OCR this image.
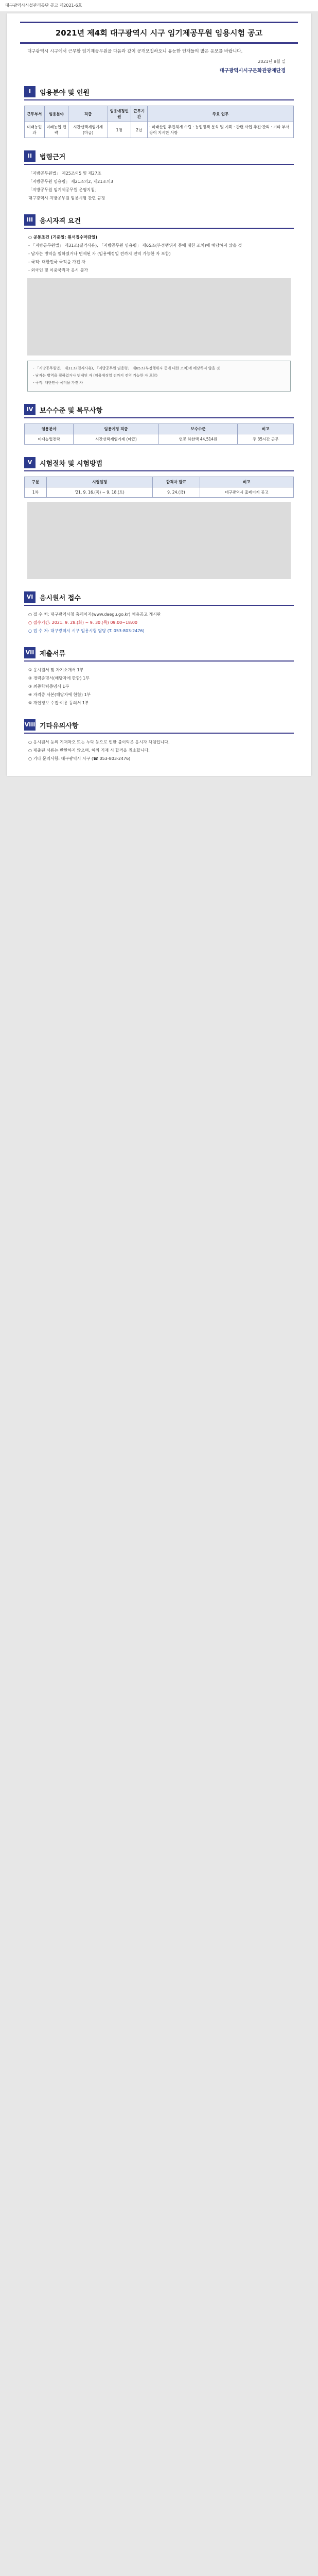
대구광역시시설관리공단 공고 제2021-6호
2021년 제4회 대구광역시 시구 임기제공무원 임용시험 공고
대구광역시 시구에서 근무할 임기제공무원을 다음과 같이 공개모집하오니 유능한 인재들의 많은 응모를 바랍니다.
2021년 8월 일
대구광역시시구문화관광재단경
I	임용분야 및 인원
근무부서	임용분야	직급	임용예정인원	근무기간	주요 업무
미래농업과	미래농업 전략	시간선택제임기제 (마급)	1명	2년	· 미래산업 추진체계 수립 · 농업정책 분석 및 기획 · 관련 사업 추진·관리 · 기타 부서장이 지시한 사항
II	법령근거
「지방공무원법」 제25조의5 및 제27조
「지방공무원 임용령」 제21조의2, 제21조의3
「지방공무원 임기제공무원 운영지침」
대구광역시 지방공무원 임용시험 관련 규정
III 응시자격 요건
○ 공통조건 (기준일: 원서접수마감일)
- 「지방공무원법」 제31조(결격사유), 「지방공무원 임용령」 제65조(부정행위자 등에 대한 조치)에 해당하지 않을 것
- 남자는 병역을 필하였거나 면제된 자 (임용예정일 전까지 전역 가능한 자 포함)
- 국적: 대한민국 국적을 가진 자
- 외국인 및 이중국적자 응시 불가
- 「지방공무원법」 제31조(결격사유), 「지방공무원 임용령」 제65조(부정행위자 등에 대한 조치)에 해당하지 않을 것
- 남자는 병역을 필하였거나 면제된 자 (임용예정일 전까지 전역 가능한 자 포함)
- 국적: 대한민국 국적을 가진 자
IV 보수수준 및 복무사항
임용분야	임용예정 직급	보수수준	비고
미래농업전략	시간선택제임기제 (마급)	연봉 하한액 44,514원	주 35시간 근무
V	시험절차 및 시험방법
구분	시험일정	합격자 발표	비고
1차	'21. 9. 16.(목) ~ 9. 18.(토)	9. 24.(금)	대구광역시 홈페이지 공고
VI 응시원서 접수
○ 접 수 처: 대구광역시청 홈페이지(www.daegu.go.kr) 채용공고 게시판
○ 접수기간: 2021. 9. 28.(화) ~ 9. 30.(목) 09:00~18:00
○ 접 수 처: 대구광역시 시구 임용시험 담당 (T. 053-803-2476)
VII 제출서류
① 응시원서 및 자기소개서 1부
② 경력증명서(해당자에 한함) 1부
③ 최종학력증명서 1부
④ 자격증 사본(해당자에 한함) 1부
⑤ 개인정보 수집·이용 동의서 1부
VIII 기타유의사항
○ 응시원서 등의 기재착오 또는 누락 등으로 인한 불이익은 응시자 책임입니다.
○ 제출된 서류는 반환하지 않으며, 허위 기재 시 합격을 취소합니다.
○ 기타 문의사항: 대구광역시 시구 (☎ 053-803-2476)
